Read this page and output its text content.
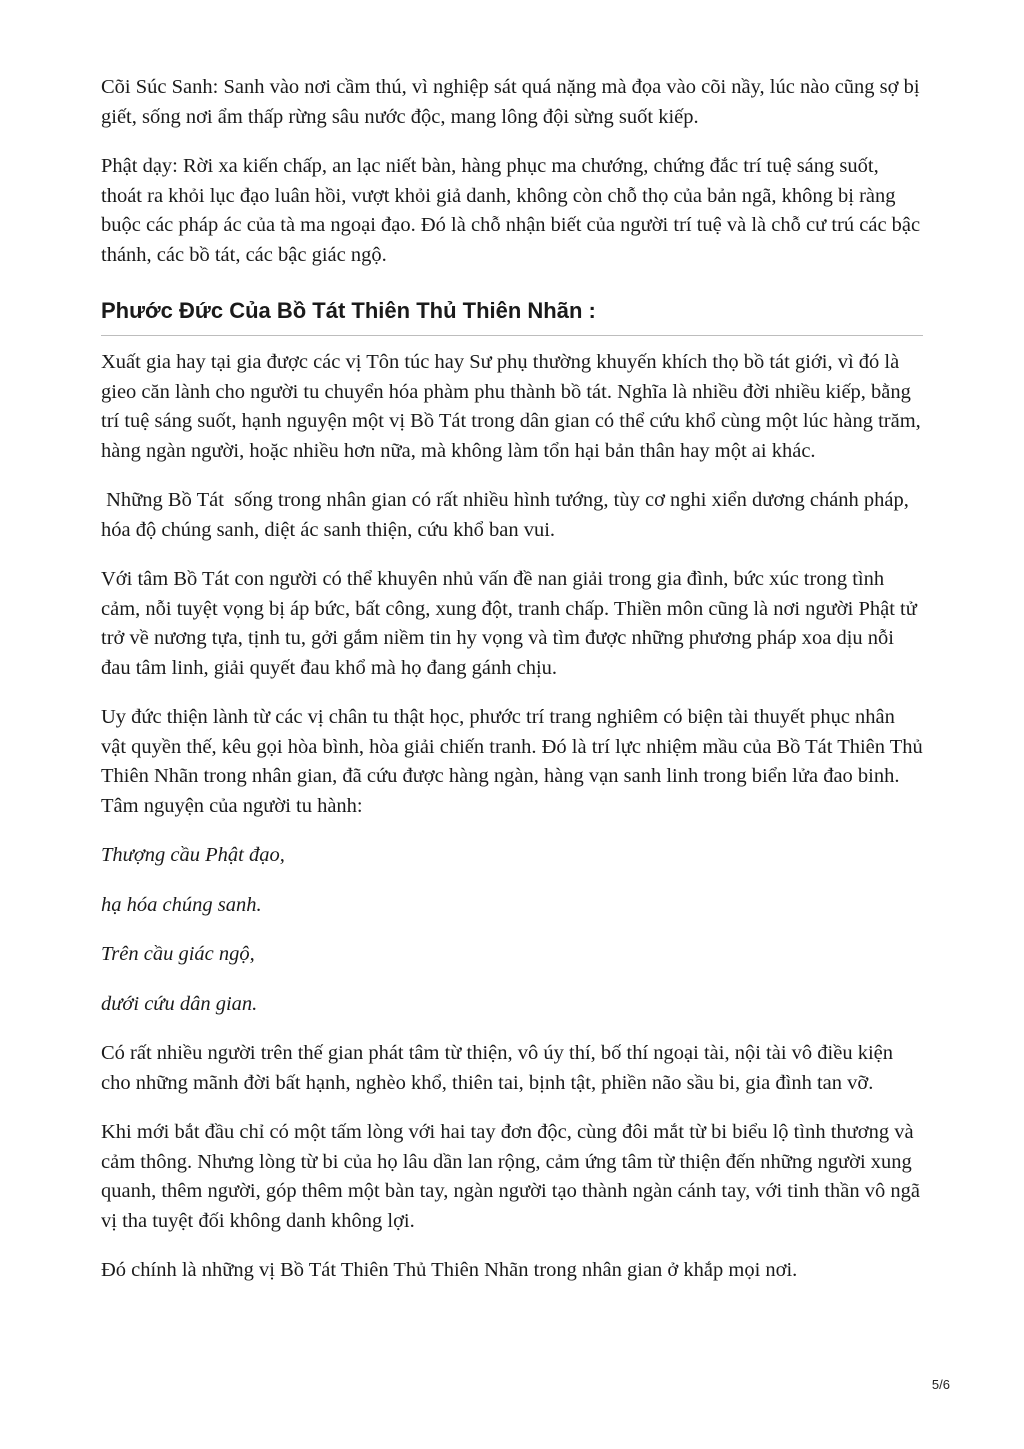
Cõi Súc Sanh: Sanh vào nơi cầm thú, vì nghiệp sát quá nặng mà đọa vào cõi nầy, lúc nào cũng sợ bị giết, sống nơi ẩm thấp rừng sâu nước độc, mang lông đội sừng suốt kiếp.

Phật dạy: Rời xa kiến chấp, an lạc niết bàn, hàng phục ma chướng, chứng đắc trí tuệ sáng suốt, thoát ra khỏi lục đạo luân hồi, vượt khỏi giả danh, không còn chỗ thọ của bản ngã, không bị ràng buộc các pháp ác của tà ma ngoại đạo. Đó là chỗ nhận biết của người trí tuệ và là chỗ cư trú các bậc thánh, các bồ tát, các bậc giác ngộ.

Phước Đức Của Bồ Tát Thiên Thủ Thiên Nhãn :

Xuất gia hay tại gia được các vị Tôn túc hay Sư phụ thường khuyến khích thọ bồ tát giới, vì đó là gieo căn lành cho người tu chuyển hóa phàm phu thành bồ tát. Nghĩa là nhiều đời nhiều kiếp, bằng trí tuệ sáng suốt, hạnh nguyện một vị Bồ Tát trong dân gian có thể cứu khổ cùng một lúc hàng trăm, hàng ngàn người, hoặc nhiều hơn nữa, mà không làm tổn hại bản thân hay một ai khác.

Những Bồ Tát  sống trong nhân gian có rất nhiều hình tướng, tùy cơ nghi xiển dương chánh pháp, hóa độ chúng sanh, diệt ác sanh thiện, cứu khổ ban vui.

Với tâm Bồ Tát con người có thể khuyên nhủ vấn đề nan giải trong gia đình, bức xúc trong tình cảm, nỗi tuyệt vọng bị áp bức, bất công, xung đột, tranh chấp. Thiền môn cũng là nơi người Phật tử trở về nương tựa, tịnh tu, gởi gắm niềm tin hy vọng và tìm được những phương pháp xoa dịu nỗi đau tâm linh, giải quyết đau khổ mà họ đang gánh chịu.

Uy đức thiện lành từ các vị chân tu thật học, phước trí trang nghiêm có biện tài thuyết phục nhân vật quyền thế, kêu gọi hòa bình, hòa giải chiến tranh. Đó là trí lực nhiệm mầu của Bồ Tát Thiên Thủ Thiên Nhãn trong nhân gian, đã cứu được hàng ngàn, hàng vạn sanh linh trong biển lửa đao binh. Tâm nguyện của người tu hành:

Thượng cầu Phật đạo,

hạ hóa chúng sanh.

Trên cầu giác ngộ,

dưới cứu dân gian.

Có rất nhiều người trên thế gian phát tâm từ thiện, vô úy thí, bố thí ngoại tài, nội tài vô điều kiện cho những mãnh đời bất hạnh, nghèo khổ, thiên tai, bịnh tật, phiền não sầu bi, gia đình tan vỡ.

Khi mới bắt đầu chỉ có một tấm lòng với hai tay đơn độc, cùng đôi mắt từ bi biểu lộ tình thương và cảm thông. Nhưng lòng từ bi của họ lâu dần lan rộng, cảm ứng tâm từ thiện đến những người xung quanh, thêm người, góp thêm một bàn tay, ngàn người tạo thành ngàn cánh tay, với tinh thần vô ngã vị tha tuyệt đối không danh không lợi.

Đó chính là những vị Bồ Tát Thiên Thủ Thiên Nhãn trong nhân gian ở khắp mọi nơi.

5/6
